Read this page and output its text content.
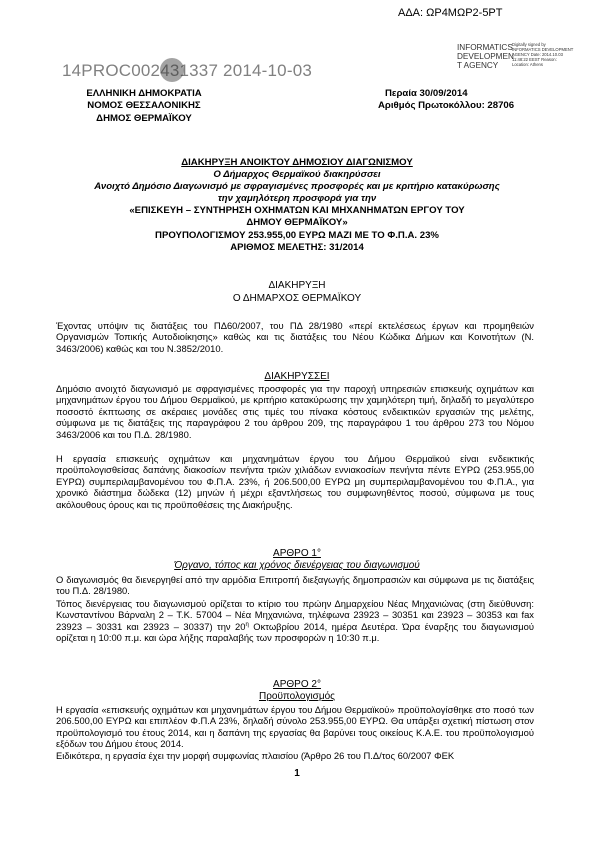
ΑΔΑ: ΩΡ4ΜΩΡ2-5ΡΤ
14PROC002431337 2014-10-03
INFORMATICS DEVELOPMEN T AGENCY
Digitally signed by INFORMATICS DEVELOPMENT AGENCY Date: 2014.10.03 11:48:22 EEST Reason: Location: Athens
ΕΛΛΗΝΙΚΗ ΔΗΜΟΚΡΑΤΙΑ
ΝΟΜΟΣ ΘΕΣΣΑΛΟΝΙΚΗΣ
ΔΗΜΟΣ ΘΕΡΜΑΪΚΟΥ
Περαία 30/09/2014
Αριθμός Πρωτοκόλλου: 28706
ΔΙΑΚΗΡΥΞΗ ΑΝΟΙΚΤΟΥ ΔΗΜΟΣΙΟΥ ΔΙΑΓΩΝΙΣΜΟΥ
Ο Δήμαρχος Θερμαϊκού διακηρύσσει
Ανοιχτό Δημόσιο Διαγωνισμό με σφραγισμένες προσφορές και με κριτήριο κατακύρωσης
την χαμηλότερη προσφορά για την
«ΕΠΙΣΚΕΥΗ – ΣΥΝΤΗΡΗΣΗ ΟΧΗΜΑΤΩΝ ΚΑΙ ΜΗΧΑΝΗΜΑΤΩΝ ΕΡΓΟΥ ΤΟΥ
ΔΗΜΟΥ ΘΕΡΜΑΪΚΟΥ»
ΠΡΟΥΠΟΛΟΓΙΣΜΟΥ 253.955,00 ΕΥΡΩ ΜΑΖΙ ΜΕ ΤΟ Φ.Π.Α. 23%
ΑΡΙΘΜΟΣ ΜΕΛΕΤΗΣ: 31/2014
ΔΙΑΚΗΡΥΞΗ
Ο ΔΗΜΑΡΧΟΣ ΘΕΡΜΑΪΚΟΥ
Έχοντας υπόψιν τις διατάξεις του ΠΔ60/2007, του ΠΔ 28/1980 «περί εκτελέσεως έργων και προμηθειών Οργανισμών Τοπικής Αυτοδιοίκησης» καθώς και τις διατάξεις του Νέου Κώδικα Δήμων και Κοινοτήτων (Ν. 3463/2006) καθώς και του Ν.3852/2010.
ΔΙΑΚΗΡΥΣΣΕΙ
Δημόσιο ανοιχτό διαγωνισμό με σφραγισμένες προσφορές για την παροχή υπηρεσιών επισκευής οχημάτων και μηχανημάτων έργου του Δήμου Θερμαϊκού, με κριτήριο κατακύρωσης την χαμηλότερη τιμή, δηλαδή το μεγαλύτερο ποσοστό έκπτωσης σε ακέραιες μονάδες στις τιμές του πίνακα κόστους ενδεικτικών εργασιών της μελέτης, σύμφωνα με τις διατάξεις της παραγράφου 2 του άρθρου 209, της παραγράφου 1 του άρθρου 273 του Νόμου 3463/2006 και του Π.Δ. 28/1980.
Η εργασία επισκευής οχημάτων και μηχανημάτων έργου του Δήμου Θερμαϊκού είναι ενδεικτικής προϋπολογισθείσας δαπάνης διακοσίων πενήντα τριών χιλιάδων εννιακοσίων πενήντα πέντε ΕΥΡΩ (253.955,00 ΕΥΡΩ) συμπεριλαμβανομένου του Φ.Π.Α. 23%, ή 206.500,00 ΕΥΡΩ μη συμπεριλαμβανομένου του Φ.Π.Α., για χρονικό διάστημα δώδεκα (12) μηνών ή μέχρι εξαντλήσεως του συμφωνηθέντος ποσού, σύμφωνα με τους ακόλουθους όρους και τις προϋποθέσεις της Διακήρυξης.
ΑΡΘΡΟ 1°
Όργανο, τόπος και χρόνος διενέργειας του διαγωνισμού
Ο διαγωνισμός θα διενεργηθεί από την αρμόδια Επιτροπή διεξαγωγής δημοπρασιών και σύμφωνα με τις διατάξεις του Π.Δ. 28/1980.
Τόπος διενέργειας του διαγωνισμού ορίζεται το κτίριο του πρώην Δημαρχείου Νέας Μηχανιώνας (στη διεύθυνση: Κωνσταντίνου Βάρναλη 2 – Τ.Κ. 57004 – Νέα Μηχανιώνα, τηλέφωνα 23923 – 30351 και 23923 – 30353 και fax 23923 – 30331 και 23923 – 30337) την $20^\eta$ Οκτωβρίου 2014, ημέρα Δευτέρα. Ώρα έναρξης του διαγωνισμού ορίζεται η 10:00 π.μ. και ώρα λήξης παραλαβής των προσφορών η 10:30 π.μ.
ΑΡΘΡΟ 2°
Προϋπολογισμός
Η εργασία «επισκευής οχημάτων και μηχανημάτων έργου του Δήμου Θερμαϊκού» προϋπολογίσθηκε στο ποσό των 206.500,00 ΕΥΡΩ και επιπλέον Φ.Π.Α 23%, δηλαδή σύνολο 253.955,00 ΕΥΡΩ. Θα υπάρξει σχετική πίστωση στον προϋπολογισμό του έτους 2014, και η δαπάνη της εργασίας θα βαρύνει τους οικείους Κ.Α.Ε. του προϋπολογισμού εξόδων του Δήμου έτους 2014.
Ειδικότερα, η εργασία έχει την μορφή συμφωνίας πλαισίου (Άρθρο 26 του Π.Δ/τος 60/2007 ΦΕΚ
1
